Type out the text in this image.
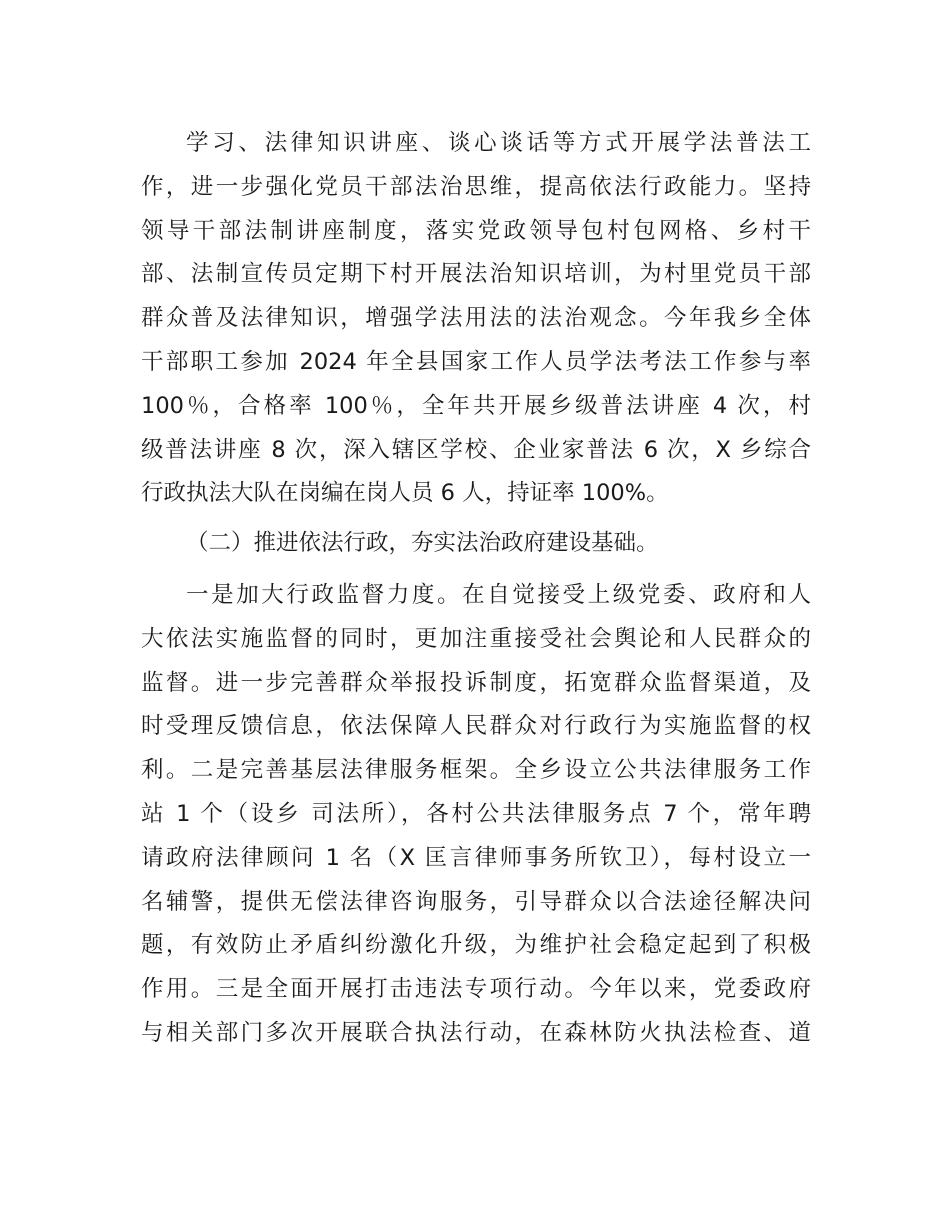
学习、法律知识讲座、谈心谈话等方式开展学法普法工
作，进一步强化党员干部法治思维，提高依法行政能力。坚持
领导干部法制讲座制度，落实党政领导包村包网格、乡村干
部、法制宣传员定期下村开展法治知识培训，为村里党员干部
群众普及法律知识，增强学法用法的法治观念。今年我乡全体
干部职工参加 2024 年全县国家工作人员学法考法工作参与率
100％，合格率 100％，全年共开展乡级普法讲座 4 次，村
级普法讲座 8 次，深入辖区学校、企业家普法 6 次，X 乡综合
行政执法大队在岗编在岗人员 6 人，持证率 100%。
（二）推进依法行政，夯实法治政府建设基础。
一是加大行政监督力度。在自觉接受上级党委、政府和人
大依法实施监督的同时，更加注重接受社会舆论和人民群众的
监督。进一步完善群众举报投诉制度，拓宽群众监督渠道，及
时受理反馈信息，依法保障人民群众对行政行为实施监督的权
利。二是完善基层法律服务框架。全乡设立公共法律服务工作
站 1 个（设乡 司法所），各村公共法律服务点 7 个，常年聘
请政府法律顾问 1 名（X 匡言律师事务所钦卫），每村设立一
名辅警，提供无偿法律咨询服务，引导群众以合法途径解决问
题，有效防止矛盾纠纷激化升级，为维护社会稳定起到了积极
作用。三是全面开展打击违法专项行动。今年以来，党委政府
与相关部门多次开展联合执法行动，在森林防火执法检查、道
